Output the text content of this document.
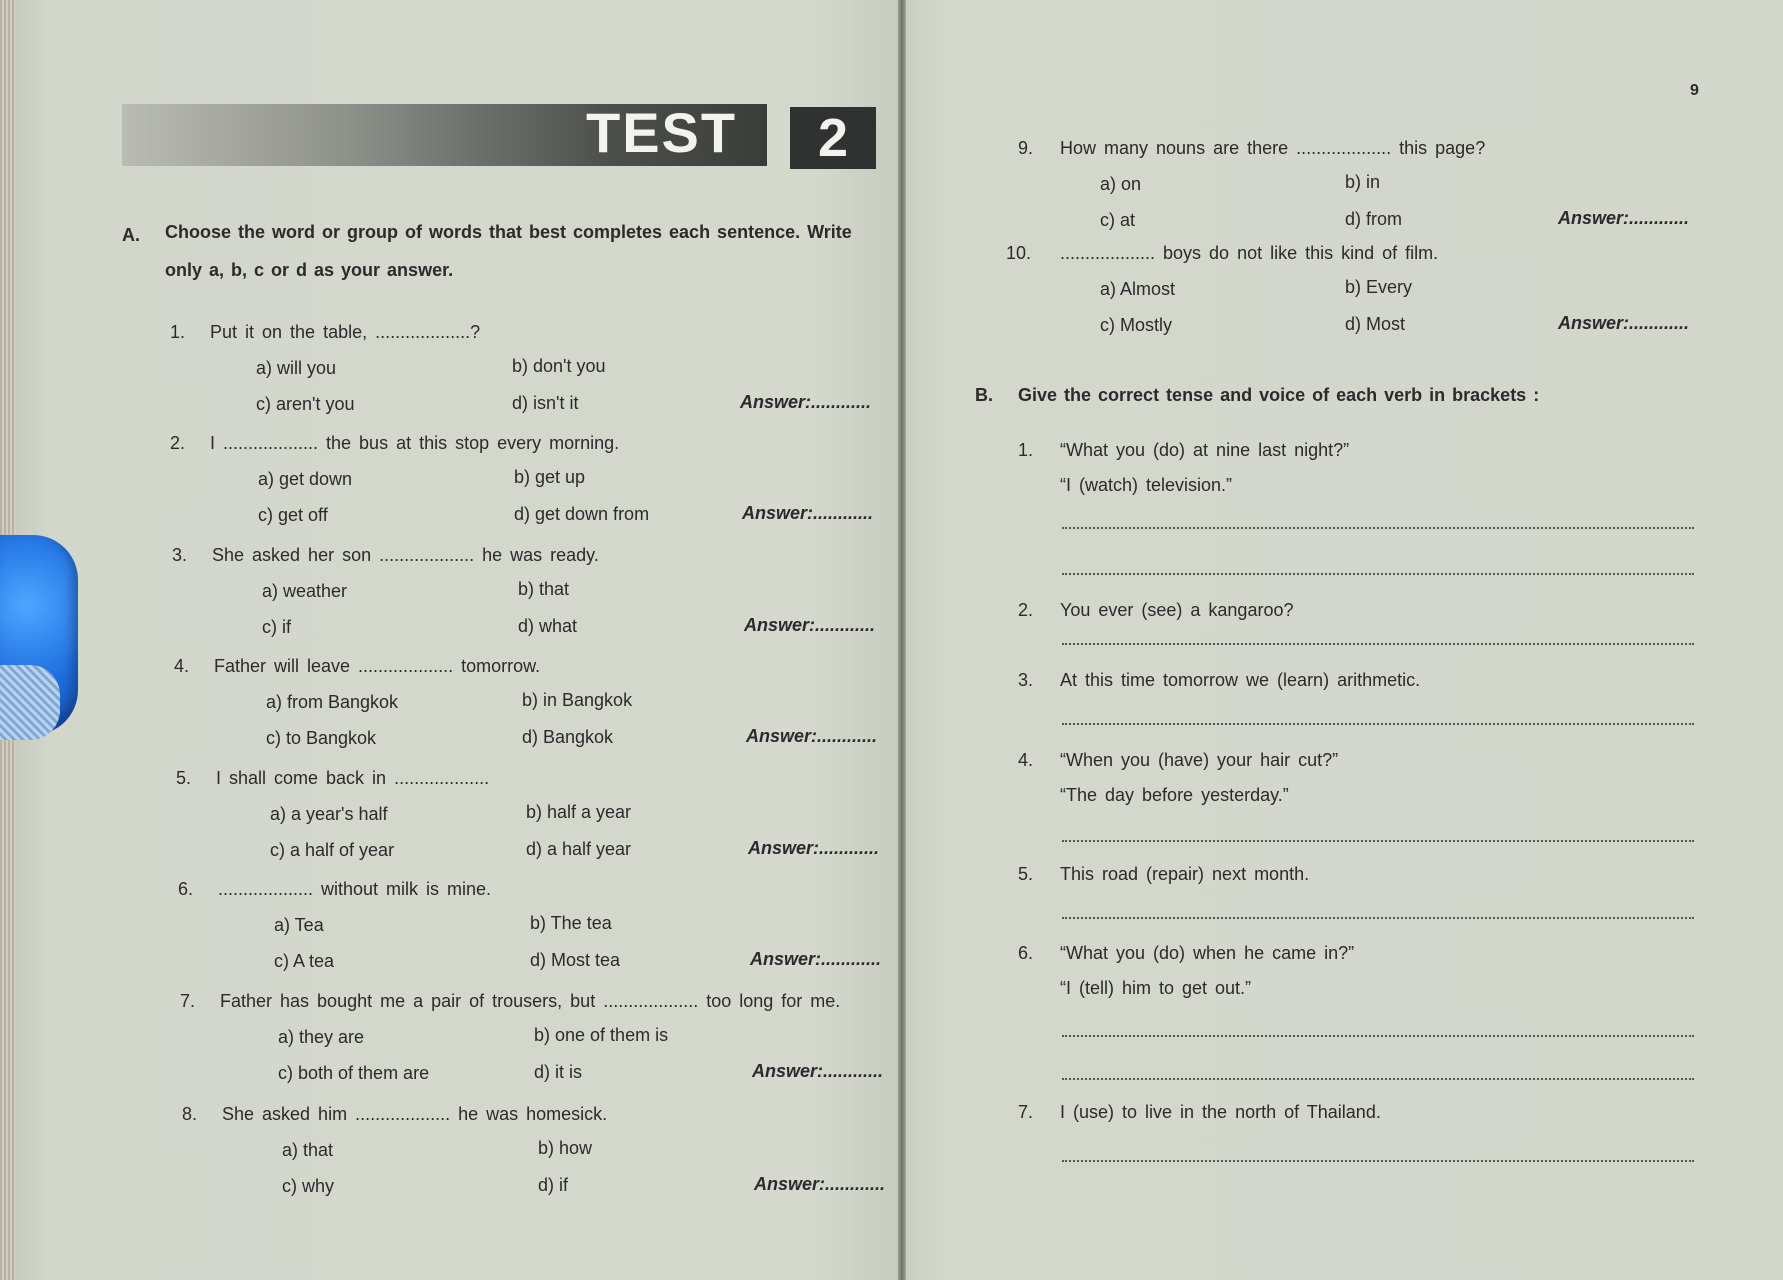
TEST	2
9
A. Choose the word or group of words that best completes each sentence. Write
only a, b, c or d as your answer.
1. Put it on the table, ...................?
a) will you	b) don't you
c) aren't you	d) isn't it	Answer:............
2. I ................... the bus at this stop every morning.
a) get down	b) get up
c) get off	d) get down from	Answer:............
3. She asked her son ................... he was ready.
a) weather	b) that
c) if	d) what	Answer:............
4. Father will leave ................... tomorrow.
a) from Bangkok	b) in Bangkok
c) to Bangkok	d) Bangkok	Answer:............
5. I shall come back in ...................
a) a year's half	b) half a year
c) a half of year	d) a half year	Answer:............
6. ................... without milk is mine.
a) Tea	b) The tea
c) A tea	d) Most tea	Answer:............
7. Father has bought me a pair of trousers, but ................... too long for me.
a) they are	b) one of them is
c) both of them are	d) it is	Answer:............
8. She asked him ................... he was homesick.
a) that	b) how
c) why	d) if	Answer:............
9. How many nouns are there ................... this page?
a) on	b) in
c) at	d) from	Answer:............
10. ................... boys do not like this kind of film.
a) Almost	b) Every
c) Mostly	d) Most	Answer:............
B. Give the correct tense and voice of each verb in brackets :
1. “What you (do) at nine last night?”
“I (watch) television.”
2. You ever (see) a kangaroo?
3. At this time tomorrow we (learn) arithmetic.
4. “When you (have) your hair cut?”
“The day before yesterday.”
5. This road (repair) next month.
6. “What you (do) when he came in?”
“I (tell) him to get out.”
7. I (use) to live in the north of Thailand.
